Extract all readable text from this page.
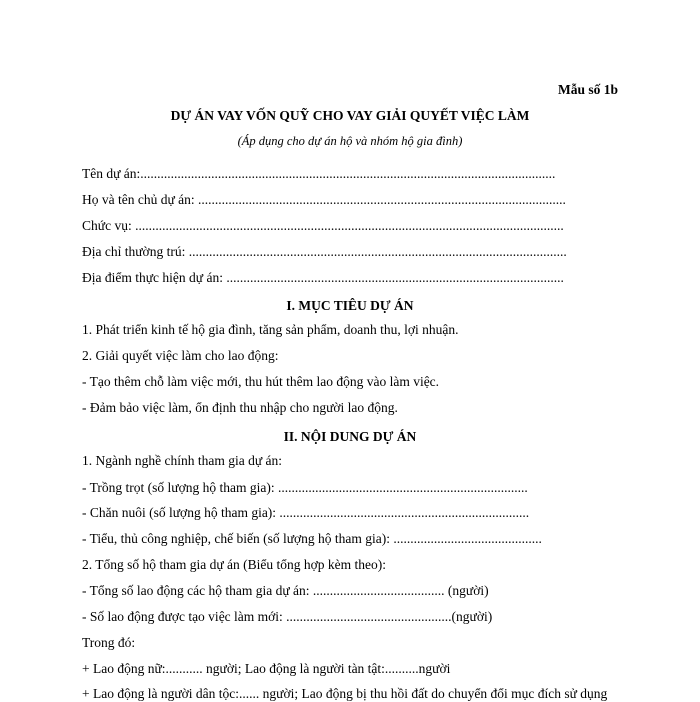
Mẫu số 1b
DỰ ÁN VAY VỐN QUỸ CHO VAY GIẢI QUYẾT VIỆC LÀM
(Áp dụng cho dự án hộ và nhóm hộ gia đình)
Tên dự án:...........................................................................................................................
Họ và tên chủ dự án: .............................................................................................................
Chức vụ: ...............................................................................................................................
Địa chỉ thường trú: ................................................................................................................
Địa điểm thực hiện dự án: ....................................................................................................
I. MỤC TIÊU DỰ ÁN
1. Phát triển kinh tế hộ gia đình, tăng sản phẩm, doanh thu, lợi nhuận.
2. Giải quyết việc làm cho lao động:
- Tạo thêm chỗ làm việc mới, thu hút thêm lao động vào làm việc.
- Đảm bảo việc làm, ổn định thu nhập cho người lao động.
II. NỘI DUNG DỰ ÁN
1. Ngành nghề chính tham gia dự án:
- Trồng trọt (số lượng hộ tham gia): ..........................................................................
- Chăn nuôi (số lượng hộ tham gia): ..........................................................................
- Tiểu, thủ công nghiệp, chế biến (số lượng hộ tham gia): ............................................
2. Tổng số hộ tham gia dự án (Biểu tổng hợp kèm theo):
- Tổng số lao động các hộ tham gia dự án: ....................................... (người)
- Số lao động được tạo việc làm mới: .................................................(người)
Trong đó:
+ Lao động nữ:........... người; Lao động là người tàn tật:..........người
+ Lao động là người dân tộc:...... người; Lao động bị thu hồi đất do chuyển đổi mục đích sử dụng
